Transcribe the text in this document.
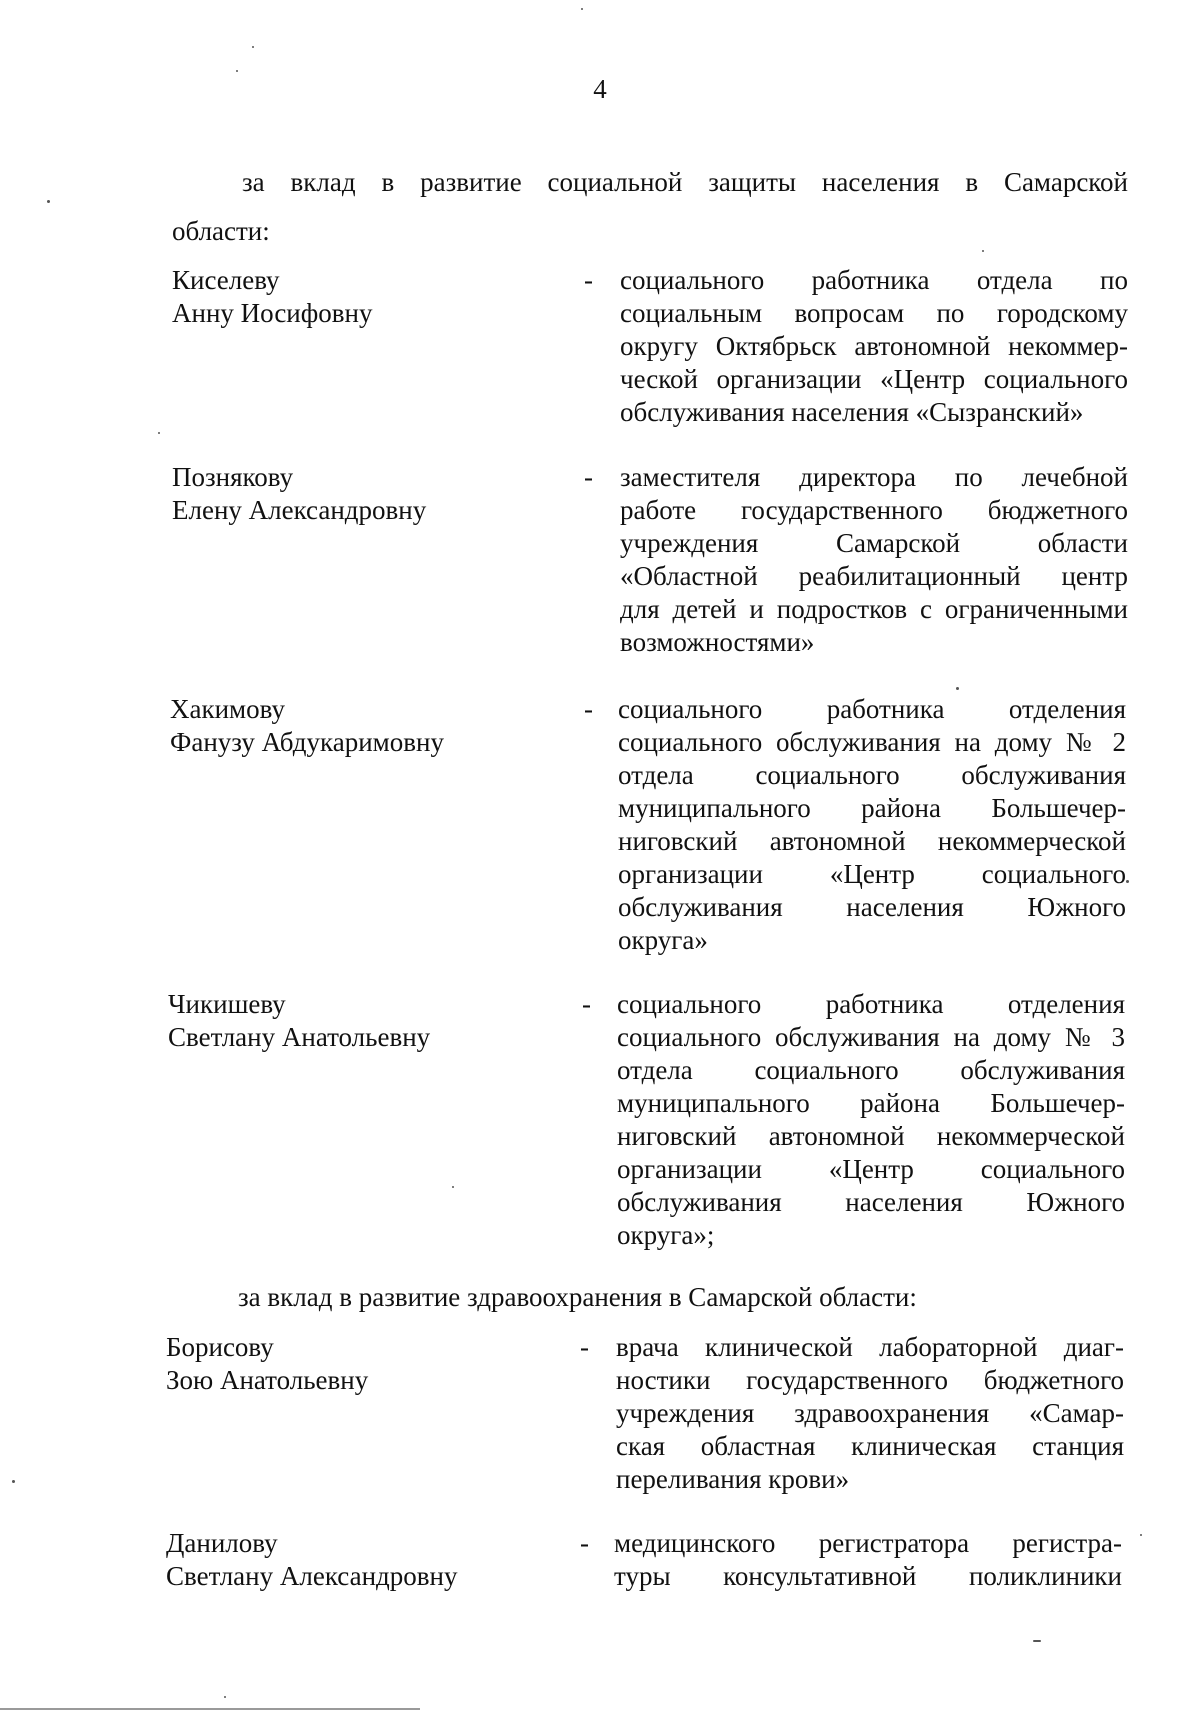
4
за вклад в развитие социальной защиты населения в Самарской
области:
Киселеву
Анну Иосифовну
- социального работника отдела по
социальным вопросам по городскому
округу Октябрьск автономной некоммер-
ческой организации «Центр социального
обслуживания населения «Сызранский»
Познякову
Елену Александровну
- заместителя директора по лечебной
работе государственного бюджетного
учреждения Самарской области
«Областной реабилитационный центр
для детей и подростков с ограниченными
возможностями»
Хакимову
Фанузу Абдукаримовну
- социального работника отделения
социального обслуживания на дому № 2
отдела социального обслуживания
муниципального района Большечер-
ниговский автономной некоммерческой
организации «Центр социального
обслуживания населения Южного
округа»
Чикишеву
Светлану Анатольевну
- социального работника отделения
социального обслуживания на дому № 3
отдела социального обслуживания
муниципального района Большечер-
ниговский автономной некоммерческой
организации «Центр социального
обслуживания населения Южного
округа»;
за вклад в развитие здравоохранения в Самарской области:
Борисову
Зою Анатольевну
- врача клинической лабораторной диаг-
ностики государственного бюджетного
учреждения здравоохранения «Самар-
ская областная клиническая станция
переливания крови»
Данилову
Светлану Александровну
- медицинского регистратора регистра-
туры консультативной поликлиники
